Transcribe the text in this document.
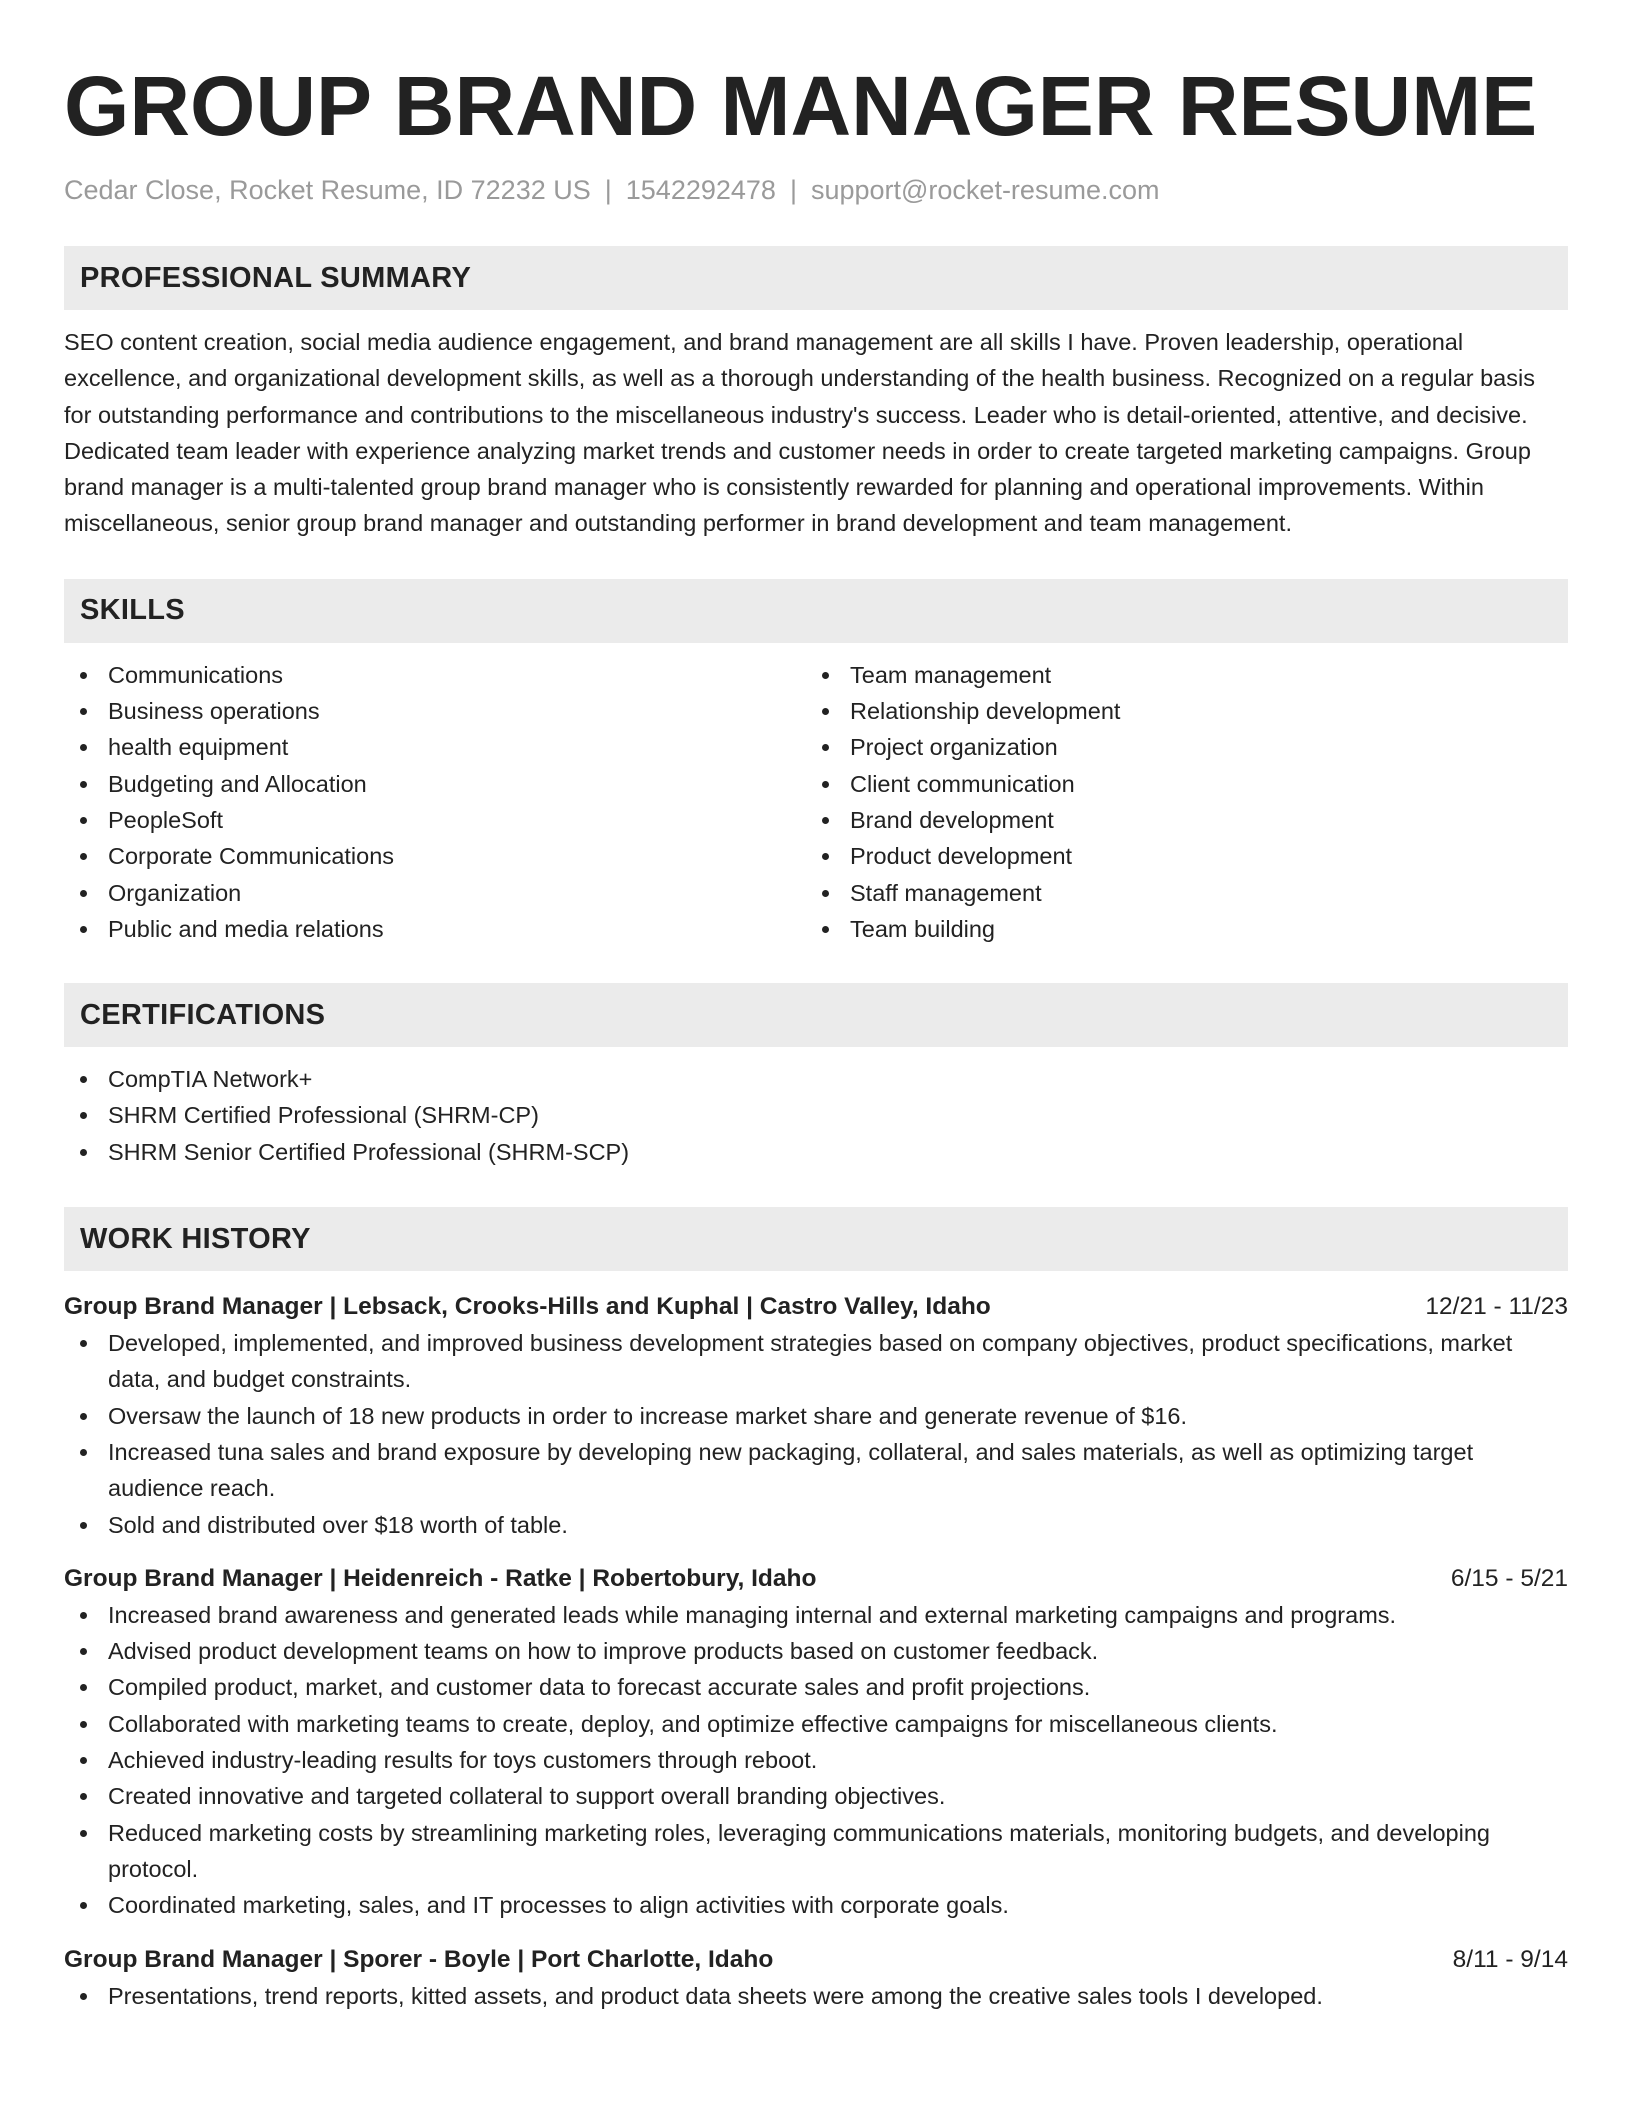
GROUP BRAND MANAGER RESUME
Cedar Close, Rocket Resume, ID 72232 US | 1542292478 | support@rocket-resume.com
PROFESSIONAL SUMMARY
SEO content creation, social media audience engagement, and brand management are all skills I have. Proven leadership, operational excellence, and organizational development skills, as well as a thorough understanding of the health business. Recognized on a regular basis for outstanding performance and contributions to the miscellaneous industry's success. Leader who is detail-oriented, attentive, and decisive. Dedicated team leader with experience analyzing market trends and customer needs in order to create targeted marketing campaigns. Group brand manager is a multi-talented group brand manager who is consistently rewarded for planning and operational improvements. Within miscellaneous, senior group brand manager and outstanding performer in brand development and team management.
SKILLS
Communications
Business operations
health equipment
Budgeting and Allocation
PeopleSoft
Corporate Communications
Organization
Public and media relations
Team management
Relationship development
Project organization
Client communication
Brand development
Product development
Staff management
Team building
CERTIFICATIONS
CompTIA Network+
SHRM Certified Professional (SHRM-CP)
SHRM Senior Certified Professional (SHRM-SCP)
WORK HISTORY
Group Brand Manager | Lebsack, Crooks-Hills and Kuphal | Castro Valley, Idaho	12/21 - 11/23
Developed, implemented, and improved business development strategies based on company objectives, product specifications, market data, and budget constraints.
Oversaw the launch of 18 new products in order to increase market share and generate revenue of $16.
Increased tuna sales and brand exposure by developing new packaging, collateral, and sales materials, as well as optimizing target audience reach.
Sold and distributed over $18 worth of table.
Group Brand Manager | Heidenreich - Ratke | Robertobury, Idaho	6/15 - 5/21
Increased brand awareness and generated leads while managing internal and external marketing campaigns and programs.
Advised product development teams on how to improve products based on customer feedback.
Compiled product, market, and customer data to forecast accurate sales and profit projections.
Collaborated with marketing teams to create, deploy, and optimize effective campaigns for miscellaneous clients.
Achieved industry-leading results for toys customers through reboot.
Created innovative and targeted collateral to support overall branding objectives.
Reduced marketing costs by streamlining marketing roles, leveraging communications materials, monitoring budgets, and developing protocol.
Coordinated marketing, sales, and IT processes to align activities with corporate goals.
Group Brand Manager | Sporer - Boyle | Port Charlotte, Idaho	8/11 - 9/14
Presentations, trend reports, kitted assets, and product data sheets were among the creative sales tools I developed.
